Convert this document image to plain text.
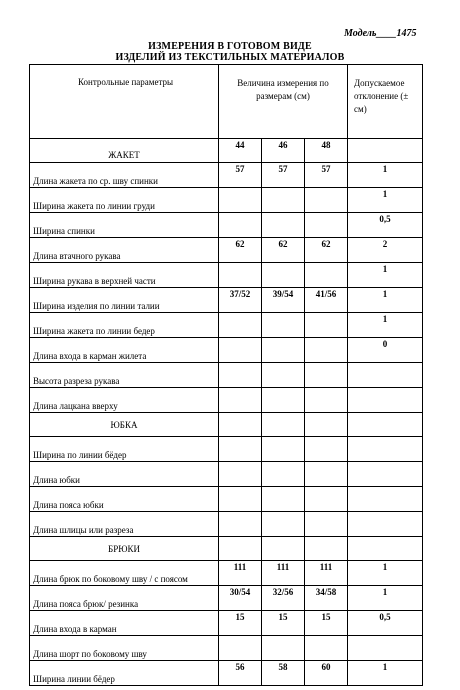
Модель____1475
ИЗМЕРЕНИЯ В ГОТОВОМ ВИДЕ
ИЗДЕЛИЙ ИЗ ТЕКСТИЛЬНЫХ МАТЕРИАЛОВ
Контрольные параметры	Величина измерения по размерам (см)			Допускаемое отклонение (± см)
ЖАКЕТ	44	46	48	
Длина жакета по ср. шву спинки	57	57	57	1
Ширина жакета по линии груди				1
Ширина спинки				0,5
Длина втачного рукава	62	62	62	2
Ширина рукава в верхней части				1
Ширина изделия по линии талии	37/52	39/54	41/56	1
Ширина жакета по линии бедер				1
Длина входа в карман жилета				0
Высота разреза рукава				
Длина лацкана вверху				
ЮБКА				
Ширина по линии бёдер				
Длина юбки				
Длина пояса юбки				
Длина шлицы или разреза				
БРЮКИ				
Длина брюк по боковому шву / с поясом	111	111	111	1
Длина пояса брюк/ резинка	30/54	32/56	34/58	1
Длина входа в карман	15	15	15	0,5
Длина шорт по боковому шву				
Ширина линии бёдер	56	58	60	1
